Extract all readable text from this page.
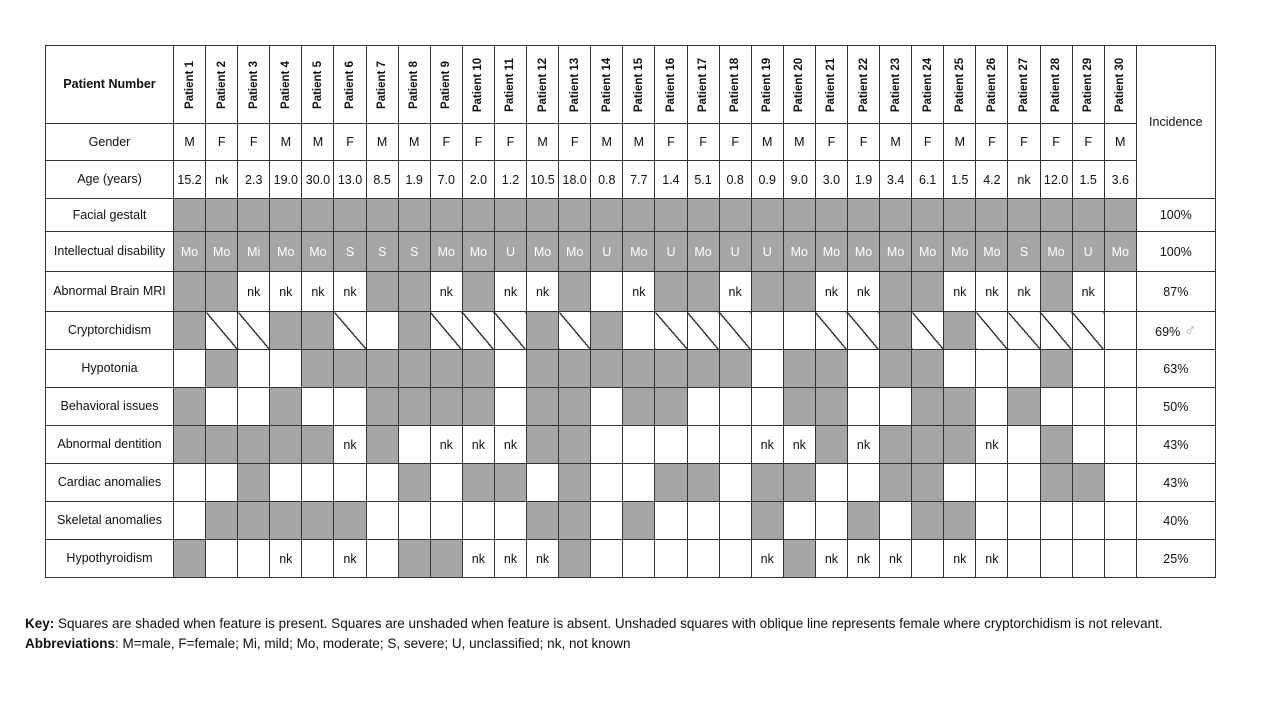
Patient Number	Patient 1	Patient 2	Patient 3	Patient 4	Patient 5	Patient 6	Patient 7	Patient 8	Patient 9	Patient 10	Patient 11	Patient 12	Patient 13	Patient 14	Patient 15	Patient 16	Patient 17	Patient 18	Patient 19	Patient 20	Patient 21	Patient 22	Patient 23	Patient 24	Patient 25	Patient 26	Patient 27	Patient 28	Patient 29	Patient 30	Incidence
Gender	M	F	F	M	M	F	M	M	F	F	F	M	F	M	M	F	F	F	M	M	F	F	M	F	M	F	F	F	F	M	
Age (years)	15.2	nk	2.3	19.0	30.0	13.0	8.5	1.9	7.0	2.0	1.2	10.5	18.0	0.8	7.7	1.4	5.1	0.8	0.9	9.0	3.0	1.9	3.4	6.1	1.5	4.2	nk	12.0	1.5	3.6	
Facial gestalt																															100%
Intellectual disability	Mo	Mo	Mi	Mo	Mo	S	S	S	Mo	Mo	U	Mo	Mo	U	Mo	U	Mo	U	U	Mo	Mo	Mo	Mo	Mo	Mo	Mo	S	Mo	U	Mo	100%
Abnormal Brain MRI			nk	nk	nk	nk			nk		nk	nk			nk			nk			nk	nk			nk	nk	nk		nk		87%
Cryptorchidism																															69% ♂
Hypotonia																															63%
Behavioral issues																															50%
Abnormal dentition						nk			nk	nk	nk								nk	nk		nk				nk					43%
Cardiac anomalies																															43%
Skeletal anomalies																															40%
Hypothyroidism				nk		nk				nk	nk	nk							nk		nk	nk	nk		nk	nk					25%
Key: Squares are shaded when feature is present. Squares are unshaded when feature is absent. Unshaded squares with oblique line represents female where cryptorchidism is not relevant.
Abbreviations: M=male, F=female; Mi, mild; Mo, moderate; S, severe; U, unclassified; nk, not known
